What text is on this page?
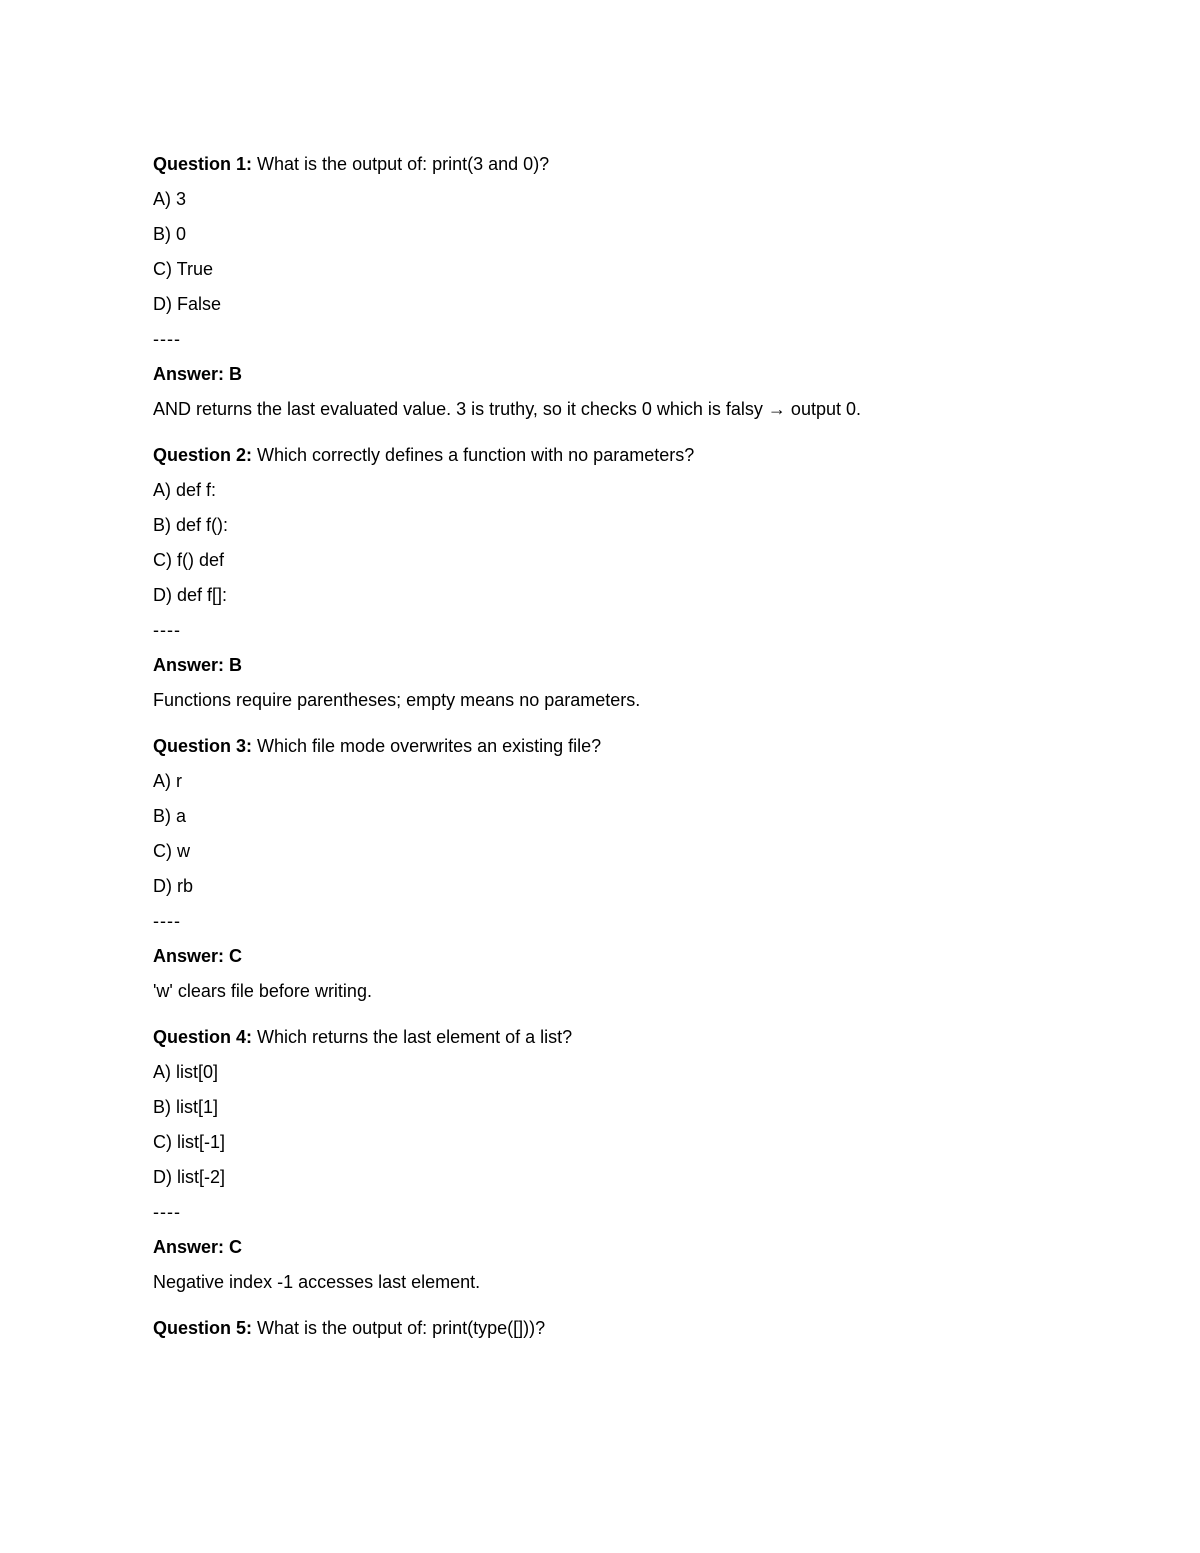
Question 1: What is the output of: print(3 and 0)?
A) 3
B) 0
C) True
D) False
----
Answer: B
AND returns the last evaluated value. 3 is truthy, so it checks 0 which is falsy → output 0.
Question 2: Which correctly defines a function with no parameters?
A) def f:
B) def f():
C) f() def
D) def f[]:
----
Answer: B
Functions require parentheses; empty means no parameters.
Question 3: Which file mode overwrites an existing file?
A) r
B) a
C) w
D) rb
----
Answer: C
'w' clears file before writing.
Question 4: Which returns the last element of a list?
A) list[0]
B) list[1]
C) list[-1]
D) list[-2]
----
Answer: C
Negative index -1 accesses last element.
Question 5: What is the output of: print(type([]))?
